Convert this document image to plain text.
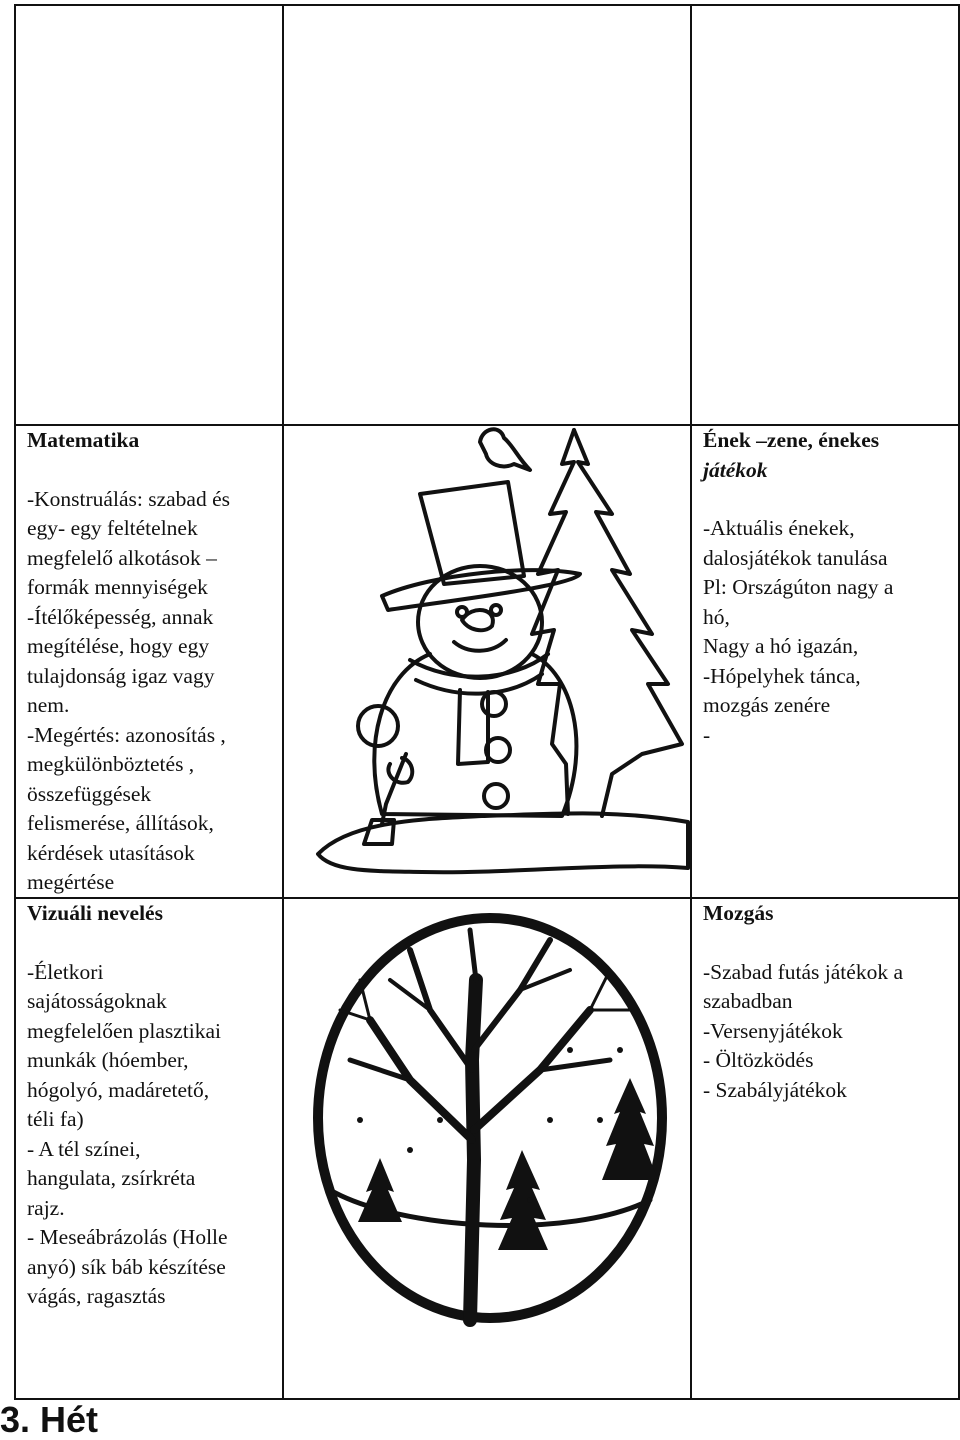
Matematika

-Konstruálás: szabad és

egy- egy feltételnek

megfelelő alkotások –

formák mennyiségek

-Ítélőképesség, annak

megítélése, hogy egy

tulajdonság igaz vagy

nem.

-Megértés: azonosítás ,

megkülönböztetés ,

összefüggések

felismerése, állítások,

kérdések utasítások

megértése

Vizuáli nevelés

-Életkori

sajátosságoknak

megfelelően plasztikai

munkák (hóember,

hógolyó, madáretető,

téli fa)

- A tél színei,

hangulata, zsírkréta

rajz.

- Meseábrázolás (Holle

anyó) sík báb készítése

vágás, ragasztás

Ének –zene, énekes

játékok

-Aktuális énekek,

dalosjátékok tanulása

Pl: Országúton nagy a

hó,

Nagy a hó igazán,

-Hópelyhek tánca,

mozgás zenére

-

Mozgás

-Szabad futás játékok a

szabadban

-Versenyjátékok

- Öltözködés

- Szabályjátékok

3. Hét
